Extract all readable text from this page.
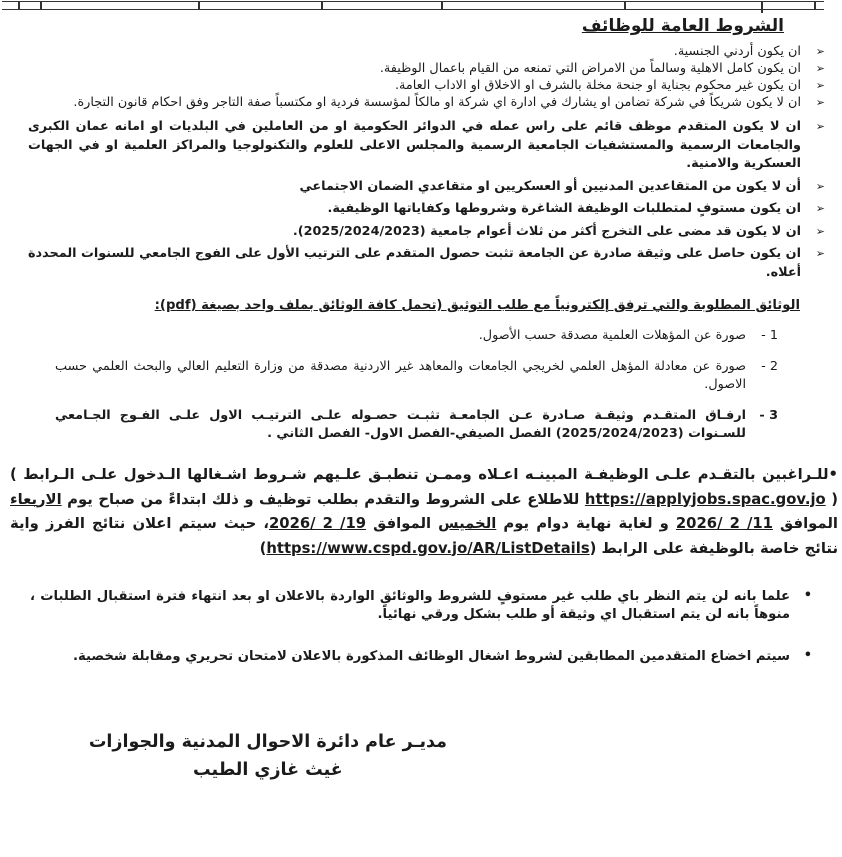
الشروط العامة للوظائف
➢
ان يكون أردني الجنسية.
➢
ان يكون كامل الاهلية وسالماً من الامراض التي تمنعه من القيام باعمال الوظيفة.
➢
ان يكون غير محكوم بجناية او جنحة مخلة بالشرف او الاخلاق او الاداب العامة.
➢
ان لا يكون شريكاً في شركة تضامن او يشارك في ادارة اي شركة او مالكاً لمؤسسة فردية او مكتسباً صفة التاجر وفق احكام قانون التجارة.
➢
ان لا يكون المتقدم موظف قائم على راس عمله في الدوائر الحكومية او من العاملين في البلديات او امانه عمان الكبرى والجامعات الرسمية والمستشفيات الجامعية الرسمية والمجلس الاعلى للعلوم والتكنولوجيا والمراكز العلمية او في الجهات العسكرية والامنية.
➢
أن لا يكون من المتقاعدين المدنيين أو العسكريين او متقاعدي الضمان الاجتماعي
➢
ان يكون مستوفٍ لمتطلبات الوظيفة الشاغرة وشروطها وكفاياتها الوظيفية.
➢
ان لا يكون قد مضى على التخرج أكثر من ثلاث أعوام جامعية (2025/2024/2023).
➢
ان يكون حاصل على وثيقة صادرة عن الجامعة تثبت حصول المتقدم على الترتيب الأول على الفوج الجامعي للسنوات المحددة أعلاه.
الوثائق المطلوبة والتي ترفق إلكترونياً مع طلب التوثيق (تحمل كافة الوثائق بملف واحد بصيغة (pdf):
1 -
صورة عن المؤهلات العلمية مصدقة حسب الأصول.
2 -
صورة عن معادلة المؤهل العلمي لخريجي الجامعات والمعاهد غير الاردنية مصدقة من وزارة التعليم العالي والبحث العلمي حسب الاصول.
3 -
ارفـاق المتقـدم وثيقـة صـادرة عـن الجامعـة تثبـت حصـوله علـى الترتيـب الاول علـى الفـوج الجـامعي للسـنوات (2025/2024/2023) الفصل الصيفي-الفصل الاول- الفصل الثاني .
•للـراغبين بالتقـدم علـى الوظيفـة المبينـه اعـلاه وممـن تنطبـق علـيهم شـروط اشـغالها الـدخول علـى الـرابط ( https://applyjobs.spac.gov.jo ) للاطلاع على الشروط والتقدم بطلب توظيف و ذلك ابتداءً من صباح يوم الاربعاء الموافق 11/ 2 /2026 و لغاية نهاية دوام يوم الخميس الموافق 19/ 2 /2026، حيث سيتم اعلان نتائج الفرز واية نتائج خاصة بالوظيفة على الرابط (https://www.cspd.gov.jo/AR/ListDetails)
•
علما بانه لن يتم النظر باي طلب غير مستوفٍ للشروط والوثائق الواردة بالاعلان او بعد انتهاء فترة استقبال الطلبات ، منوهاً بانه لن يتم استقبال اي وثيقة أو طلب بشكل ورقي نهائياً.
•
سيتم اخضاع المتقدمين المطابقين لشروط اشغال الوظائف المذكورة بالاعلان لامتحان تحريري ومقابلة شخصية.
مديـر عام دائرة الاحوال المدنية والجوازات
غيث غازي الطيب
